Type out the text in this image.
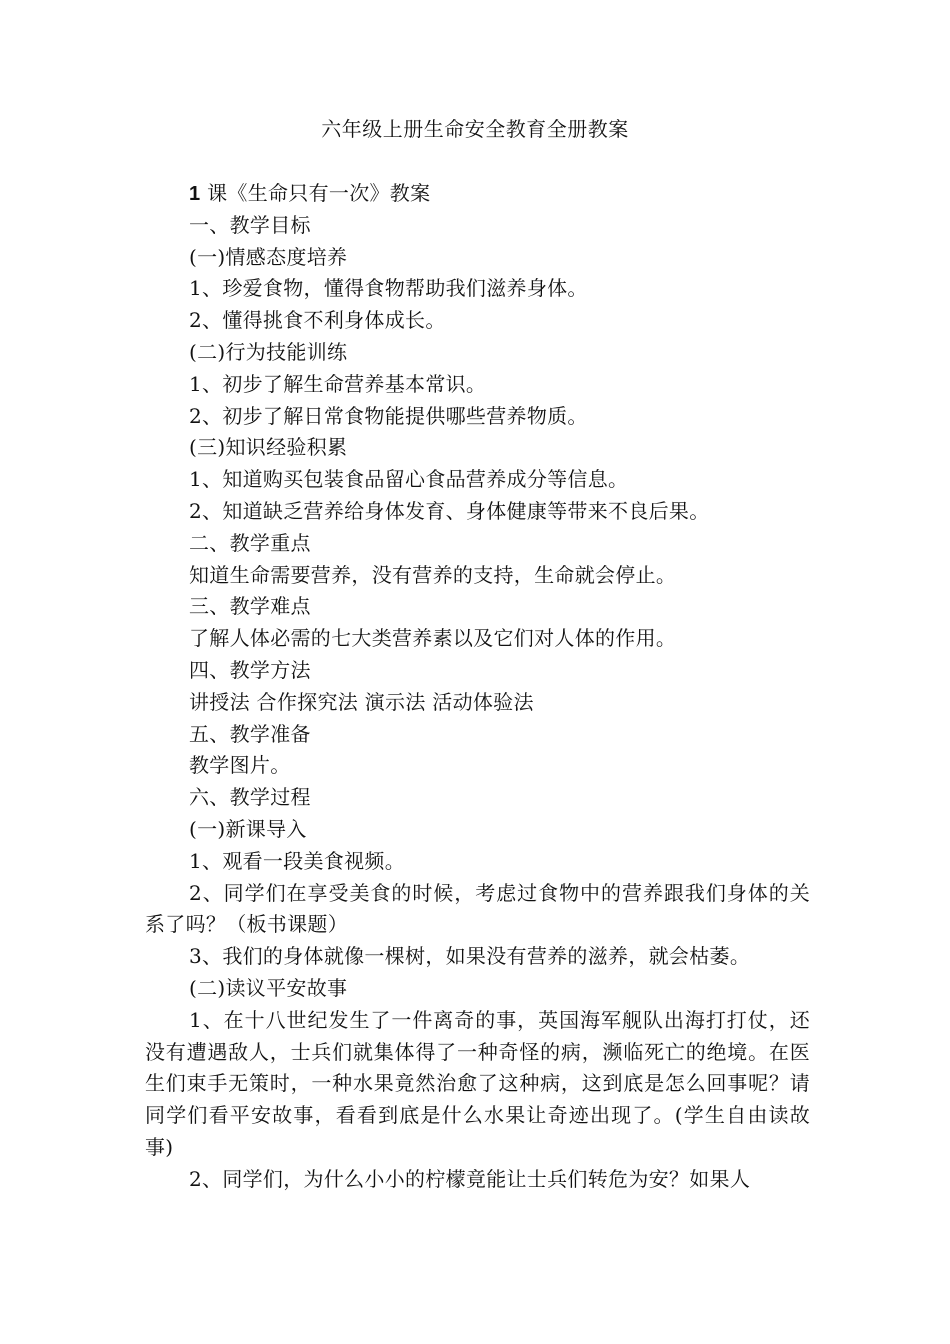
六年级上册生命安全教育全册教案
1 课《生命只有一次》教案
一、教学目标
(一)情感态度培养
1、珍爱食物，懂得食物帮助我们滋养身体。
2、懂得挑食不利身体成长。
(二)行为技能训练
1、初步了解生命营养基本常识。
2、初步了解日常食物能提供哪些营养物质。
(三)知识经验积累
1、知道购买包装食品留心食品营养成分等信息。
2、知道缺乏营养给身体发育、身体健康等带来不良后果。
二、教学重点
知道生命需要营养，没有营养的支持，生命就会停止。
三、教学难点
了解人体必需的七大类营养素以及它们对人体的作用。
四、教学方法
讲授法 合作探究法 演示法 活动体验法
五、教学准备
教学图片。
六、教学过程
(一)新课导入
1、观看一段美食视频。
2、同学们在享受美食的时候，考虑过食物中的营养跟我们身体的关系了吗？（板书课题）
3、我们的身体就像一棵树，如果没有营养的滋养，就会枯萎。
(二)读议平安故事
1、在十八世纪发生了一件离奇的事，英国海军舰队出海打打仗，还没有遭遇敌人，士兵们就集体得了一种奇怪的病，濒临死亡的绝境。在医生们束手无策时，一种水果竟然治愈了这种病，这到底是怎么回事呢？请同学们看平安故事，看看到底是什么水果让奇迹出现了。(学生自由读故事)
2、同学们，为什么小小的柠檬竟能让士兵们转危为安？如果人
